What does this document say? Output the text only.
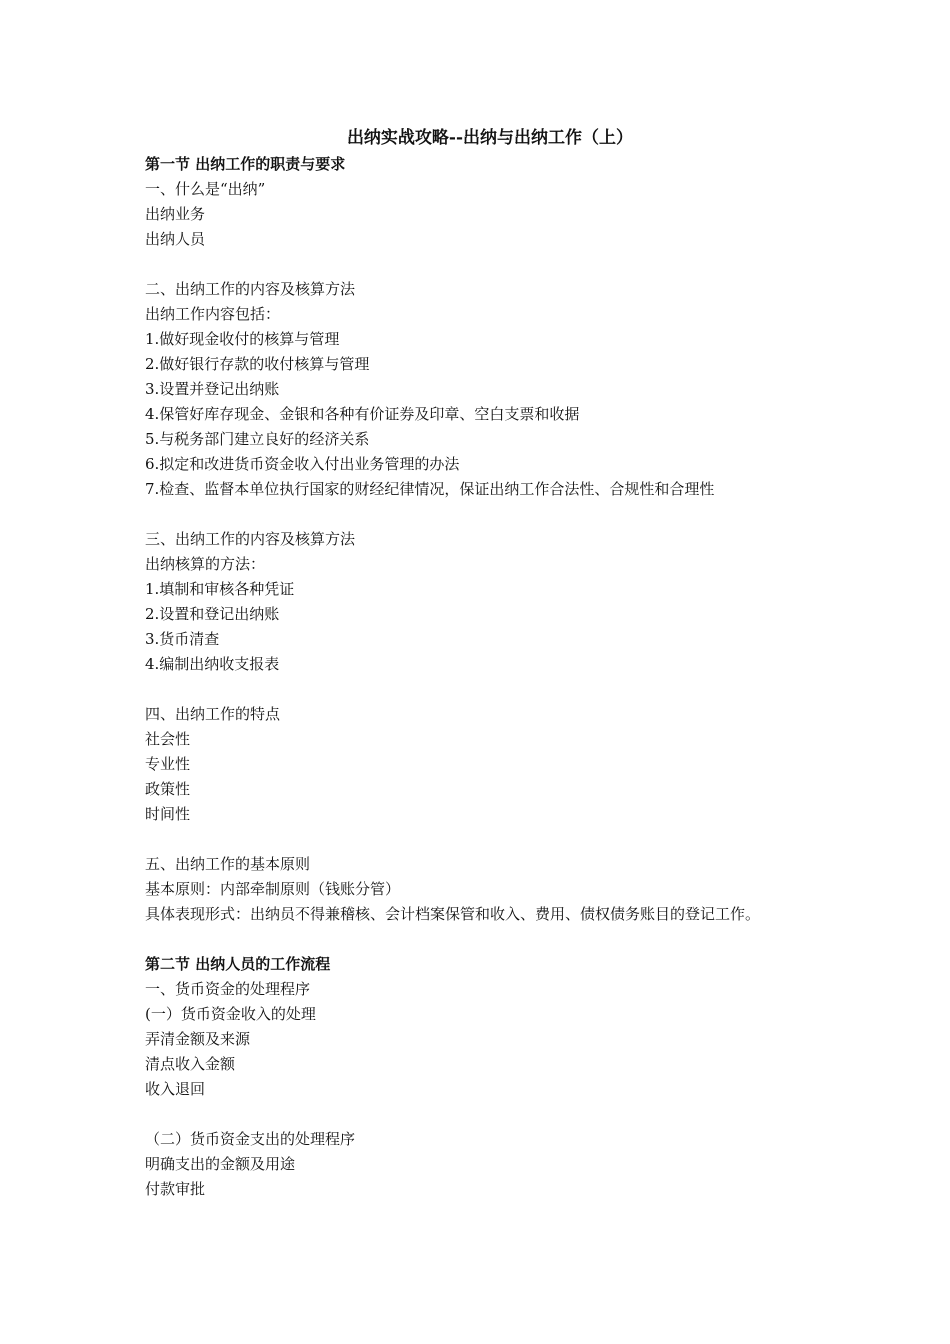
出纳实战攻略--出纳与出纳工作（上）
第一节 出纳工作的职责与要求
一、什么是“出纳”
出纳业务
出纳人员
二、出纳工作的内容及核算方法
出纳工作内容包括：
1.做好现金收付的核算与管理
2.做好银行存款的收付核算与管理
3.设置并登记出纳账
4.保管好库存现金、金银和各种有价证券及印章、空白支票和收据
5.与税务部门建立良好的经济关系
6.拟定和改进货币资金收入付出业务管理的办法
7.检查、监督本单位执行国家的财经纪律情况，保证出纳工作合法性、合规性和合理性
三、出纳工作的内容及核算方法
出纳核算的方法：
1.填制和审核各种凭证
2.设置和登记出纳账
3.货币清查
4.编制出纳收支报表
四、出纳工作的特点
社会性
专业性
政策性
时间性
五、出纳工作的基本原则
基本原则：内部牵制原则（钱账分管）
具体表现形式：出纳员不得兼稽核、会计档案保管和收入、费用、债权债务账目的登记工作。
第二节 出纳人员的工作流程
一、货币资金的处理程序
(一）货币资金收入的处理
弄清金额及来源
清点收入金额
收入退回
（二）货币资金支出的处理程序
明确支出的金额及用途
付款审批
